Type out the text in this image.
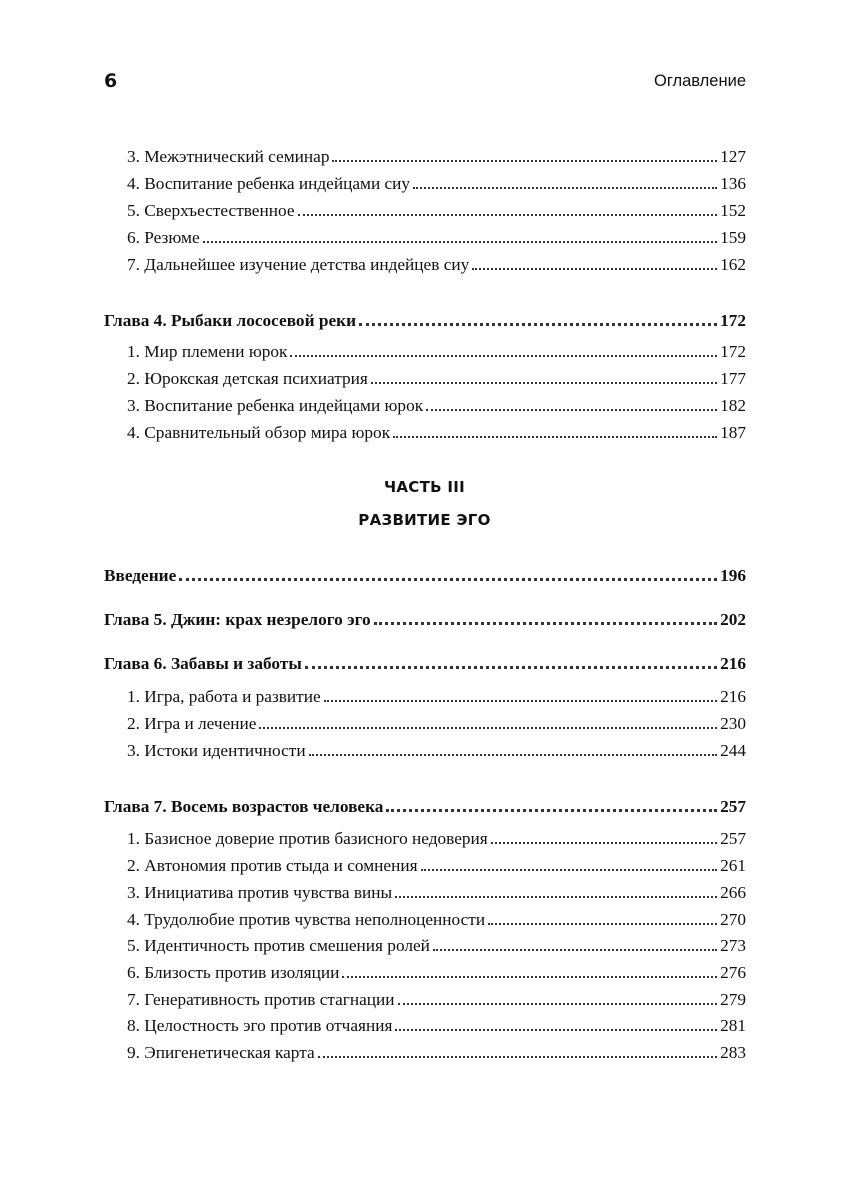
6	Оглавление
ЧАСТЬ III
РАЗВИТИЕ ЭГО
3. Межэтнический семинар	127
4. Воспитание ребенка индейцами сиу	136
5. Сверхъестественное	152
6. Резюме	159
7. Дальнейшее изучение детства индейцев сиу	162
Глава 4. Рыбаки лососевой реки	172
1. Мир племени юрок	172
2. Юрокская детская психиатрия	177
3. Воспитание ребенка индейцами юрок	182
4. Сравнительный обзор мира юрок	187
Введение	196
Глава 5. Джин: крах незрелого эго	202
Глава 6. Забавы и заботы	216
1. Игра, работа и развитие	216
2. Игра и лечение	230
3. Истоки идентичности	244
Глава 7. Восемь возрастов человека	257
1. Базисное доверие против базисного недоверия	257
2. Автономия против стыда и сомнения	261
3. Инициатива против чувства вины	266
4. Трудолюбие против чувства неполноценности	270
5. Идентичность против смешения ролей	273
6. Близость против изоляции	276
7. Генеративность против стагнации	279
8. Целостность эго против отчаяния	281
9. Эпигенетическая карта	283
